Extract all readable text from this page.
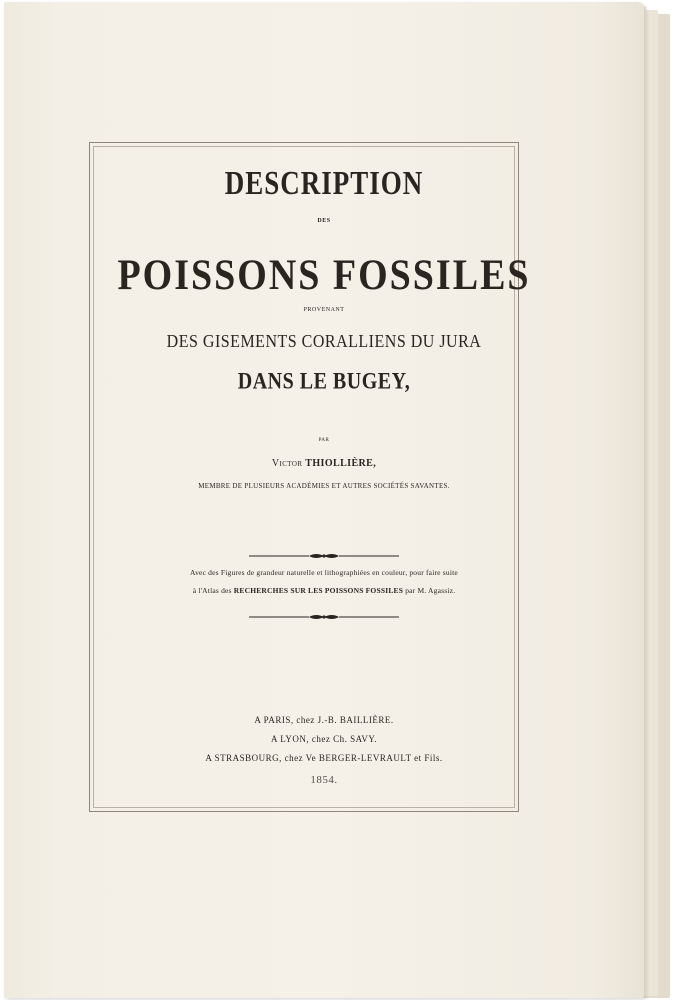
DESCRIPTION
DES
POISSONS FOSSILES
PROVENANT
DES GISEMENTS CORALLIENS DU JURA
DANS LE BUGEY,
PAR
Victor THIOLLIÈRE,
MEMBRE DE PLUSIEURS ACADÉMIES ET AUTRES SOCIÉTÉS SAVANTES.
Avec des Figures de grandeur naturelle et lithographiées en couleur, pour faire suite
à l'Atlas des RECHERCHES SUR LES POISSONS FOSSILES par M. Agassiz.
A PARIS, chez J.-B. BAILLIÈRE.
A LYON, chez Ch. SAVY.
A STRASBOURG, chez Ve BERGER-LEVRAULT et Fils.
1854.
